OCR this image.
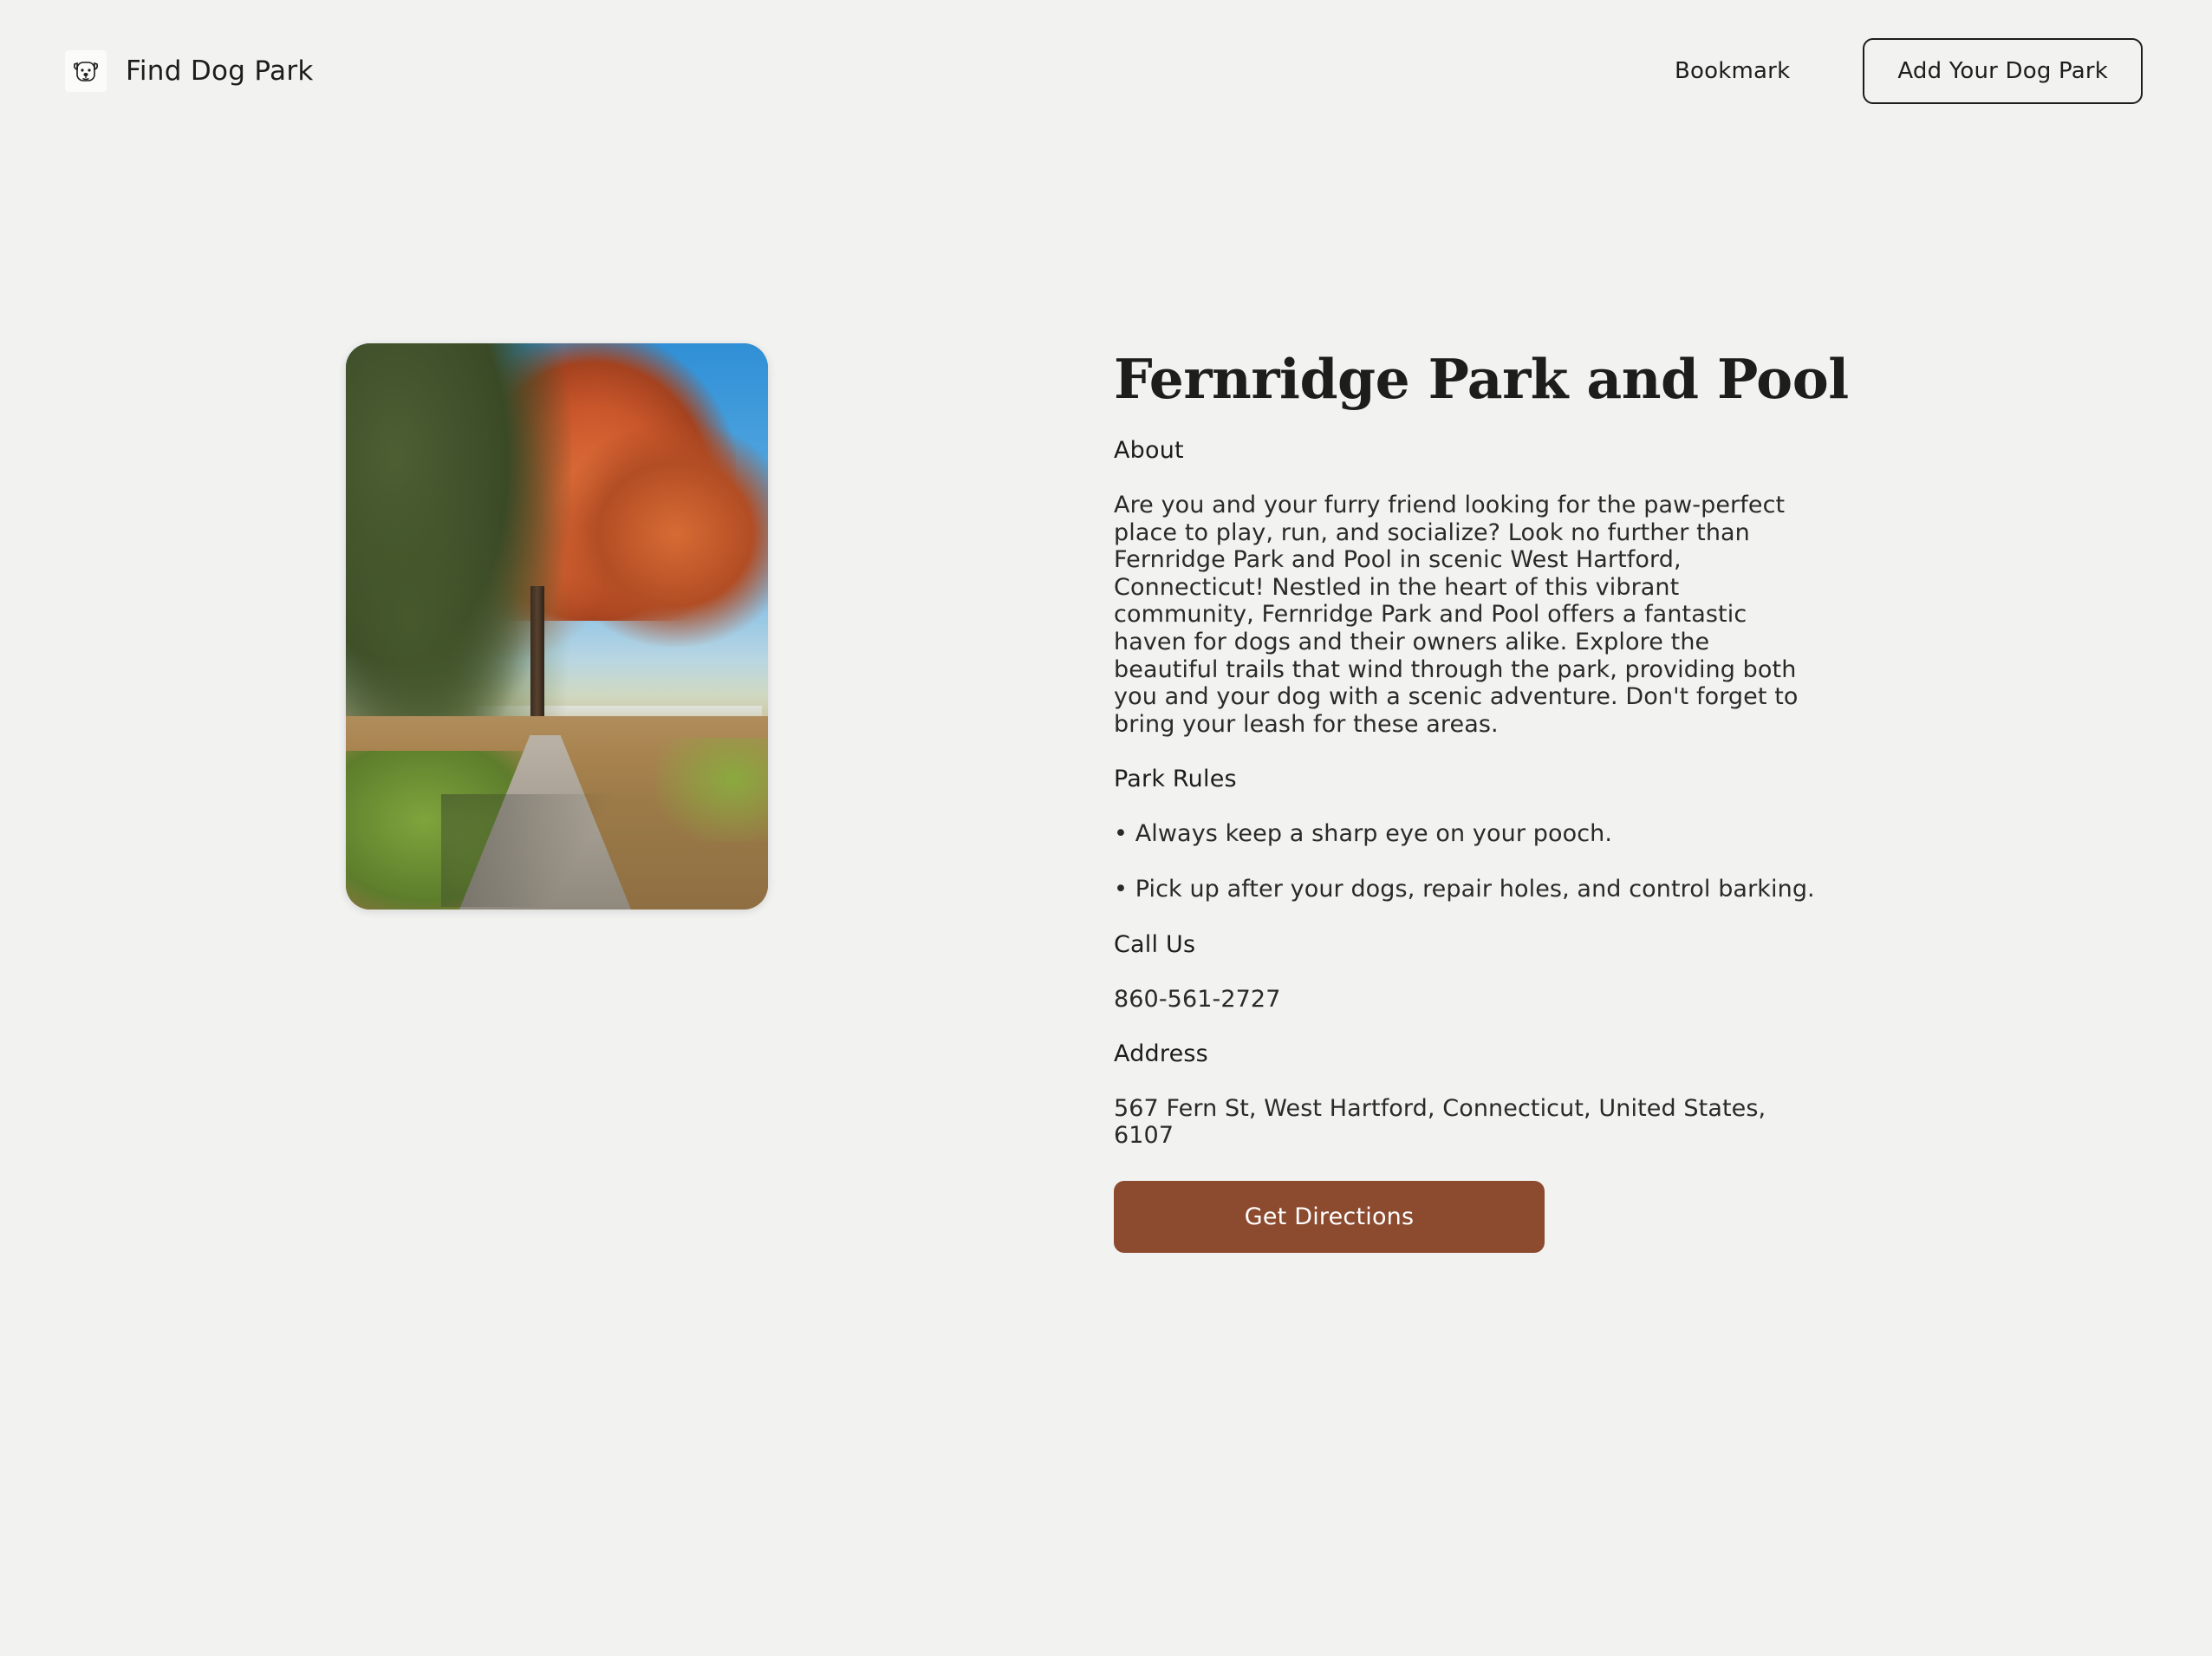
Find Dog Park	Bookmark	Add Your Dog Park
Fernridge Park and Pool
About

Are you and your furry friend looking for the paw-perfect place to play, run, and socialize? Look no further than Fernridge Park and Pool in scenic West Hartford, Connecticut! Nestled in the heart of this vibrant community, Fernridge Park and Pool offers a fantastic haven for dogs and their owners alike. Explore the beautiful trails that wind through the park, providing both you and your dog with a scenic adventure. Don't forget to bring your leash for these areas.

Park Rules

• Always keep a sharp eye on your pooch.

• Pick up after your dogs, repair holes, and control barking.

Call Us

860-561-2727

Address

567 Fern St, West Hartford, Connecticut, United States, 6107

Get Directions
